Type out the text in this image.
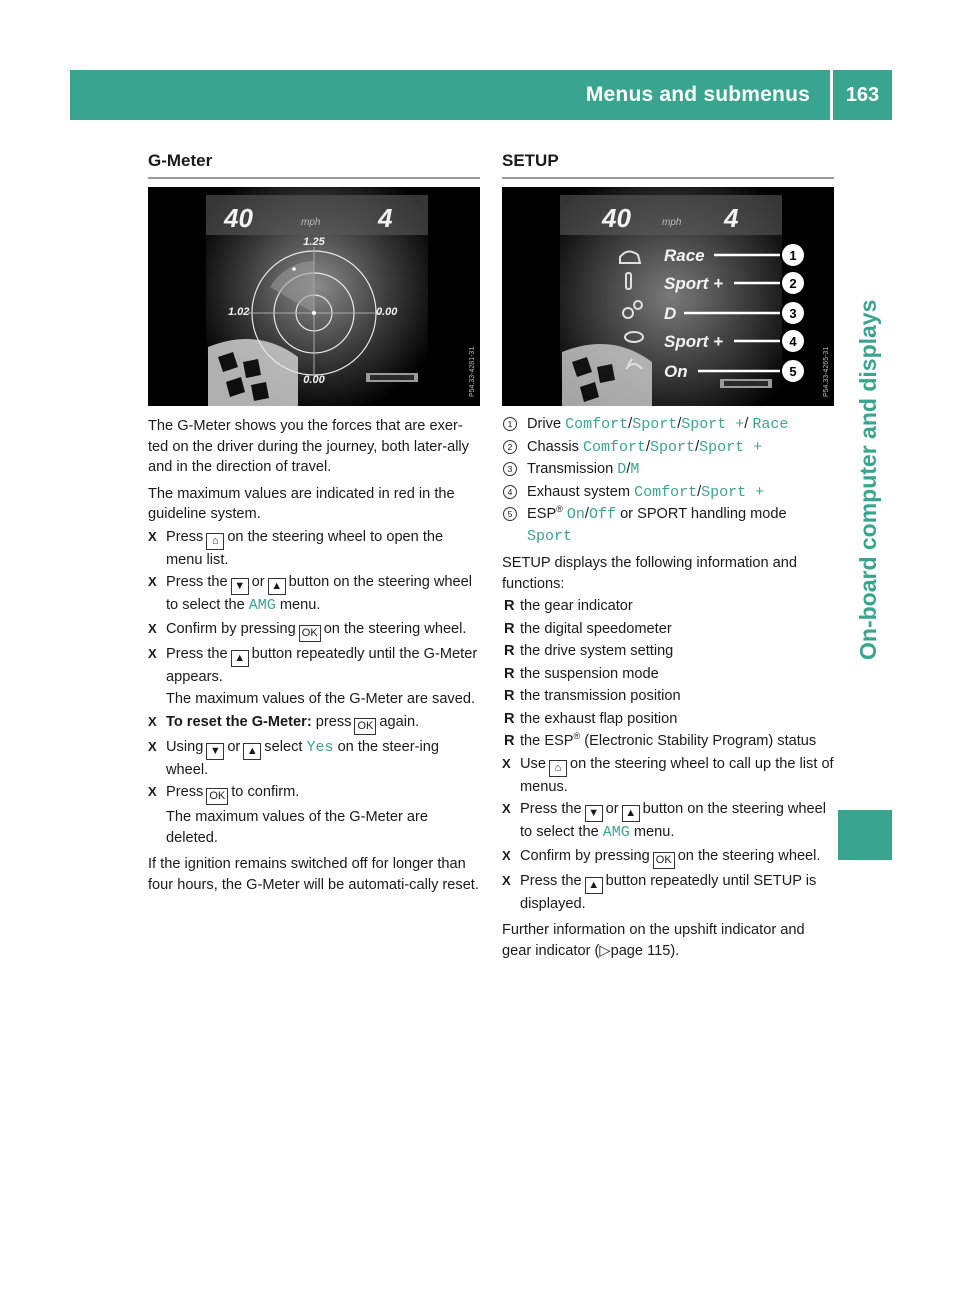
Menus and submenus	163
On-board computer and displays
G-Meter
40	mph 4
1.25
1.02	0.00
0.00	P54.33-4281-31

The G-Meter shows you the forces that are exer-ted on the driver during the journey, both later-ally and in the direction of travel.

The maximum values are indicated in red in the guideline system.

X Press ⌂ on the steering wheel to open the menu list.
X Press the ▼ or ▲ button on the steering wheel to select the AMG menu.
X Confirm by pressing OK on the steering wheel.
X Press the ▲ button repeatedly until the G-Meter appears.
The maximum values of the G-Meter are saved.
X To reset the G-Meter: press OK again.
X Using ▼ or ▲ select Yes on the steer-ing wheel.
X Press OK to confirm.
The maximum values of the G-Meter are deleted.

If the ignition remains switched off for longer than four hours, the G-Meter will be automati-cally reset.

SETUP
40	mph 4
Race
Sport +
D
Sport +
On
1
2
3
4
5	P54.33-4265-31
1	Drive Comfort/Sport/Sport +/ Race
2	Chassis Comfort/Sport/Sport +
3	Transmission D/M
4	Exhaust system Comfort/Sport +
5	ESP® On/Off or SPORT handling mode
Sport

SETUP displays the following information and functions:

R the gear indicator
R the digital speedometer
R the drive system setting
R the suspension mode
R the transmission position
R the exhaust flap position
R the ESP® (Electronic Stability Program) status
X Use ⌂ on the steering wheel to call up the list of menus.
X Press the ▼ or ▲ button on the steering wheel to select the AMG menu.
X Confirm by pressing OK on the steering wheel.
X Press the ▲ button repeatedly until SETUP is displayed.

Further information on the upshift indicator and gear indicator (▷page 115).
